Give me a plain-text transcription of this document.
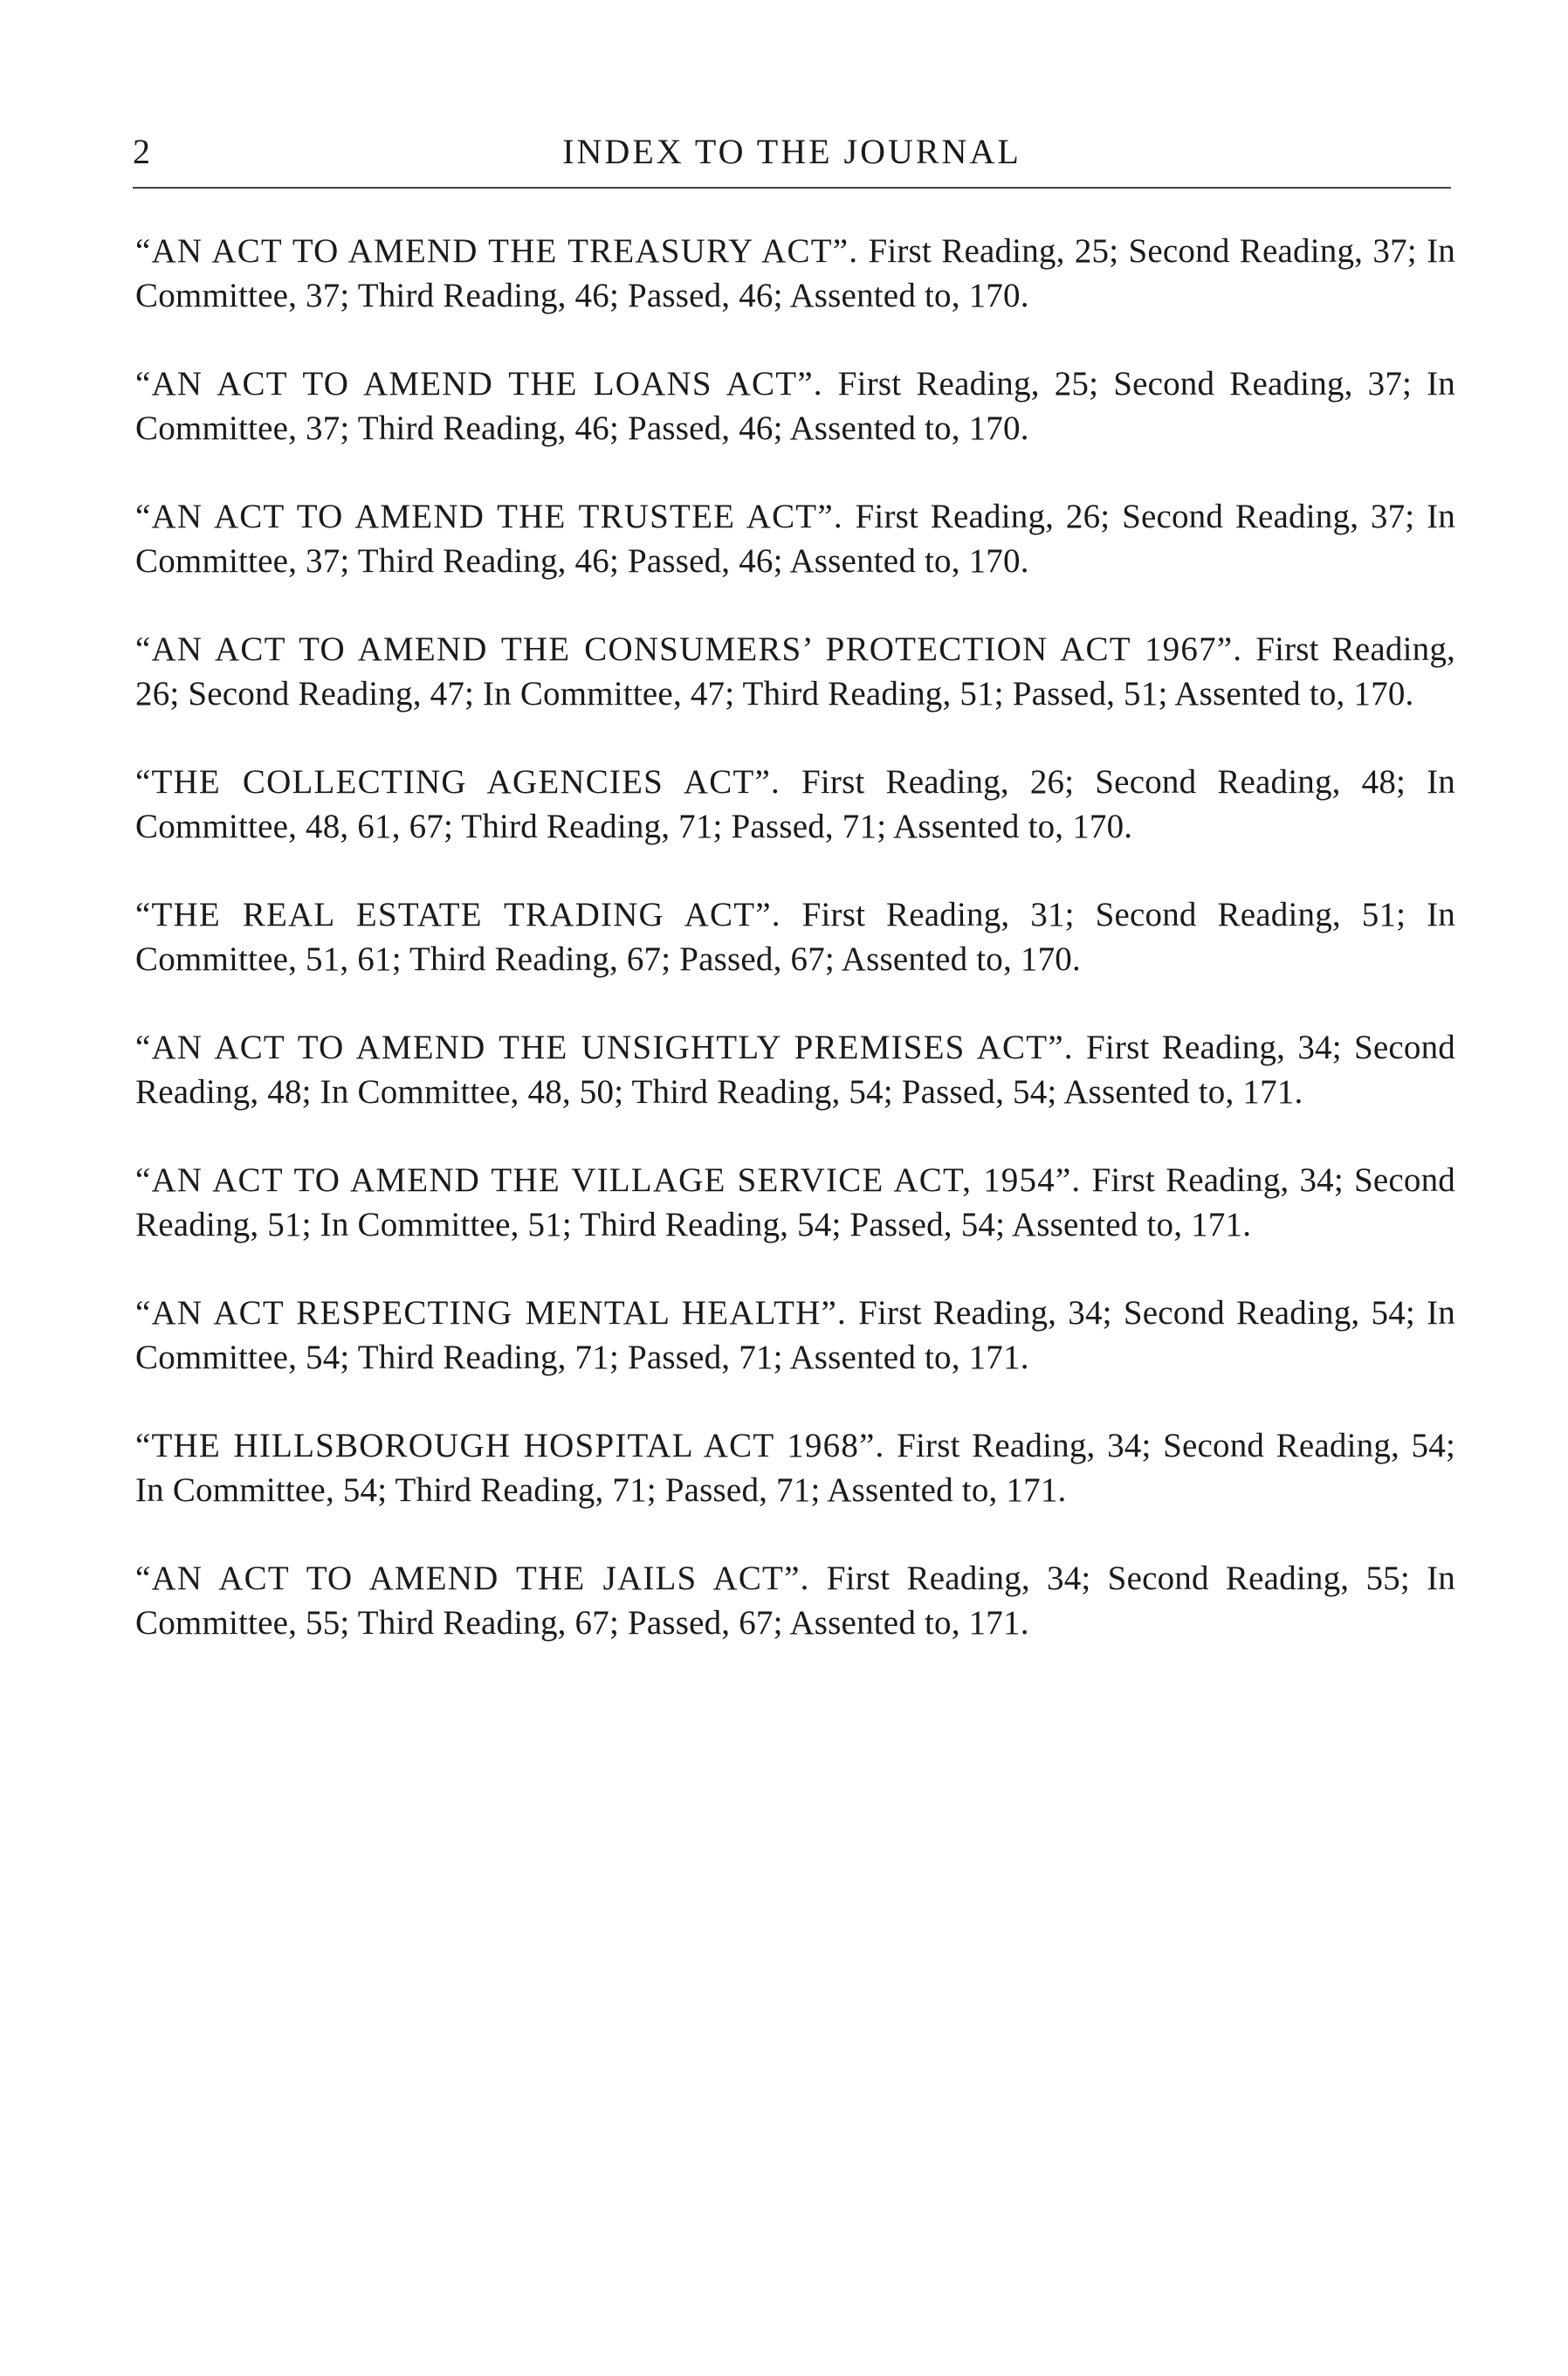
2	INDEX TO THE JOURNAL

“AN ACT TO AMEND THE TREASURY ACT”. First Reading, 25; Second Reading, 37; In Committee, 37; Third Reading, 46; Passed, 46; Assented to, 170.

“AN ACT TO AMEND THE LOANS ACT”. First Reading, 25; Second Reading, 37; In Committee, 37; Third Reading, 46; Passed, 46; Assented to, 170.

“AN ACT TO AMEND THE TRUSTEE ACT”. First Reading, 26; Second Reading, 37; In Committee, 37; Third Reading, 46; Passed, 46; Assented to, 170.

“AN ACT TO AMEND THE CONSUMERS’ PROTECTION ACT 1967”. First Reading, 26; Second Reading, 47; In Committee, 47; Third Reading, 51; Passed, 51; Assented to, 170.

“THE COLLECTING AGENCIES ACT”. First Reading, 26; Second Reading, 48; In Committee, 48, 61, 67; Third Reading, 71; Passed, 71; Assented to, 170.

“THE REAL ESTATE TRADING ACT”. First Reading, 31; Second Reading, 51; In Committee, 51, 61; Third Reading, 67; Passed, 67; Assented to, 170.

“AN ACT TO AMEND THE UNSIGHTLY PREMISES ACT”. First Reading, 34; Second Reading, 48; In Committee, 48, 50; Third Reading, 54; Passed, 54; Assented to, 171.

“AN ACT TO AMEND THE VILLAGE SERVICE ACT, 1954”. First Reading, 34; Second Reading, 51; In Committee, 51; Third Reading, 54; Passed, 54; Assented to, 171.

“AN ACT RESPECTING MENTAL HEALTH”. First Reading, 34; Second Reading, 54; In Committee, 54; Third Reading, 71; Passed, 71; Assented to, 171.

“THE HILLSBOROUGH HOSPITAL ACT 1968”. First Reading, 34; Second Reading, 54; In Committee, 54; Third Reading, 71; Passed, 71; Assented to, 171.

“AN ACT TO AMEND THE JAILS ACT”. First Reading, 34; Second Reading, 55; In Committee, 55; Third Reading, 67; Passed, 67; Assented to, 171.
